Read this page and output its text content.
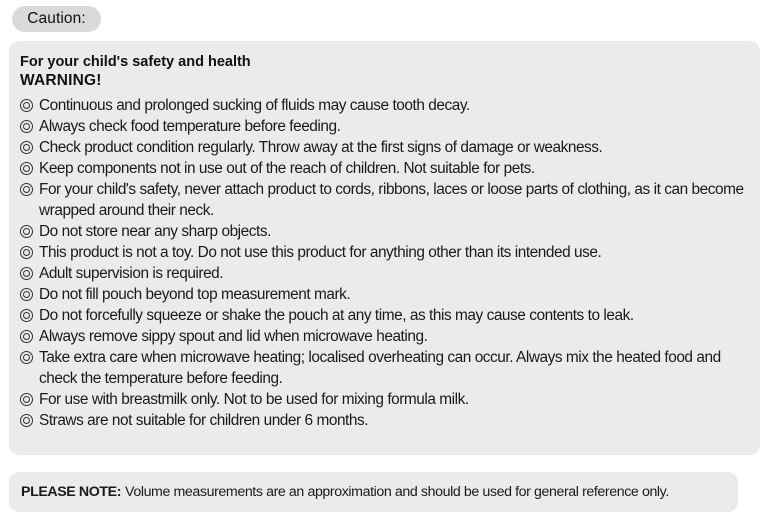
Caution:
For your child's safety and health
WARNING!
Continuous and prolonged sucking of fluids may cause tooth decay.
Always check food temperature before feeding.
Check product condition regularly. Throw away at the first signs of damage or weakness.
Keep components not in use out of the reach of children. Not suitable for pets.
For your child's safety, never attach product to cords, ribbons, laces or loose parts of clothing, as it can become wrapped around their neck.
Do not store near any sharp objects.
This product is not a toy. Do not use this product for anything other than its intended use.
Adult supervision is required.
Do not fill pouch beyond top measurement mark.
Do not forcefully squeeze or shake the pouch at any time, as this may cause contents to leak.
Always remove sippy spout and lid when microwave heating.
Take extra care when microwave heating; localised overheating can occur. Always mix the heated food and check the temperature before feeding.
For use with breastmilk only. Not to be used for mixing formula milk.
Straws are not suitable for children under 6 months.
PLEASE NOTE: Volume measurements are an approximation and should be used for general reference only.
